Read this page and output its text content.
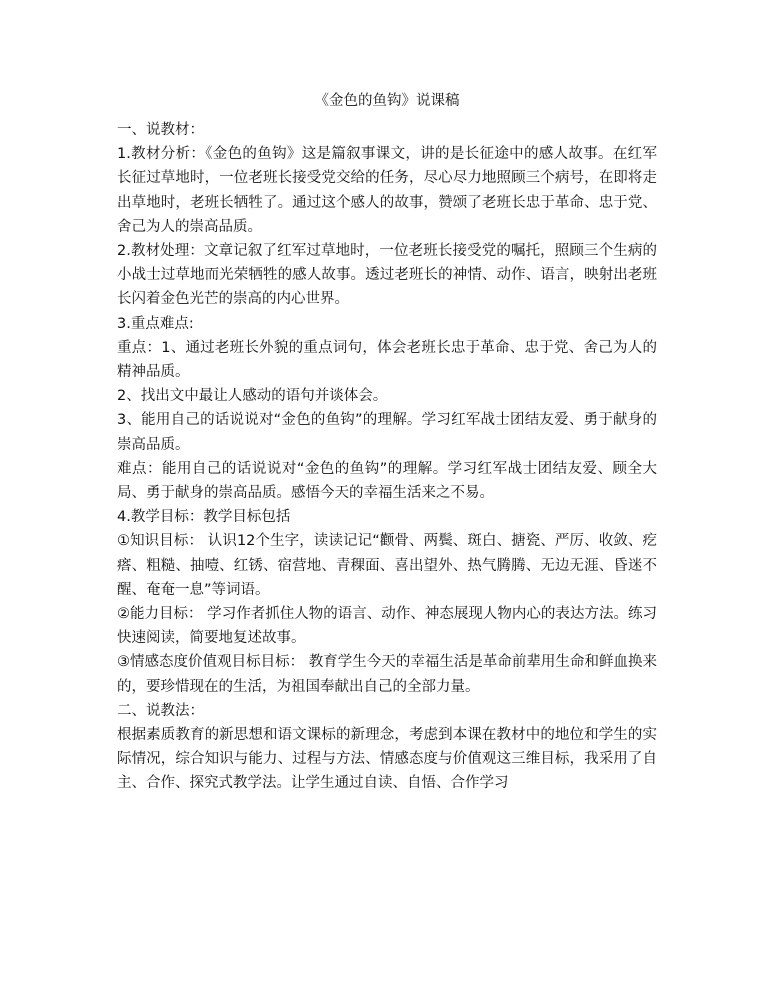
《金色的鱼钩》说课稿

一、说教材：

1.教材分析：《金色的鱼钩》这是篇叙事课文，讲的是长征途中的感人故事。在红军长征过草地时，一位老班长接受党交给的任务，尽心尽力地照顾三个病号，在即将走出草地时，老班长牺牲了。通过这个感人的故事，赞颂了老班长忠于革命、忠于党、舍己为人的崇高品质。

2.教材处理：文章记叙了红军过草地时，一位老班长接受党的嘱托，照顾三个生病的小战士过草地而光荣牺牲的感人故事。透过老班长的神情、动作、语言，映射出老班长闪着金色光芒的崇高的内心世界。

3.重点难点:

重点：1、通过老班长外貌的重点词句，体会老班长忠于革命、忠于党、舍己为人的精神品质。

2、找出文中最让人感动的语句并谈体会。

3、能用自己的话说说对“金色的鱼钩”的理解。学习红军战士团结友爱、勇于献身的崇高品质。

难点：能用自己的话说说对“金色的鱼钩”的理解。学习红军战士团结友爱、顾全大局、勇于献身的崇高品质。感悟今天的幸福生活来之不易。

4.教学目标：教学目标包括

①知识目标： 认识12个生字，读读记记“颧骨、两鬓、斑白、搪瓷、严厉、收敛、疙瘩、粗糙、抽噎、红锈、宿营地、青稞面、喜出望外、热气腾腾、无边无涯、昏迷不醒、奄奄一息”等词语。

②能力目标： 学习作者抓住人物的语言、动作、神态展现人物内心的表达方法。练习快速阅读，简要地复述故事。

③情感态度价值观目标目标： 教育学生今天的幸福生活是革命前辈用生命和鲜血换来的，要珍惜现在的生活，为祖国奉献出自己的全部力量。

二、说教法：

根据素质教育的新思想和语文课标的新理念，考虑到本课在教材中的地位和学生的实际情况，综合知识与能力、过程与方法、情感态度与价值观这三维目标，我采用了自主、合作、探究式教学法。让学生通过自读、自悟、合作学习
